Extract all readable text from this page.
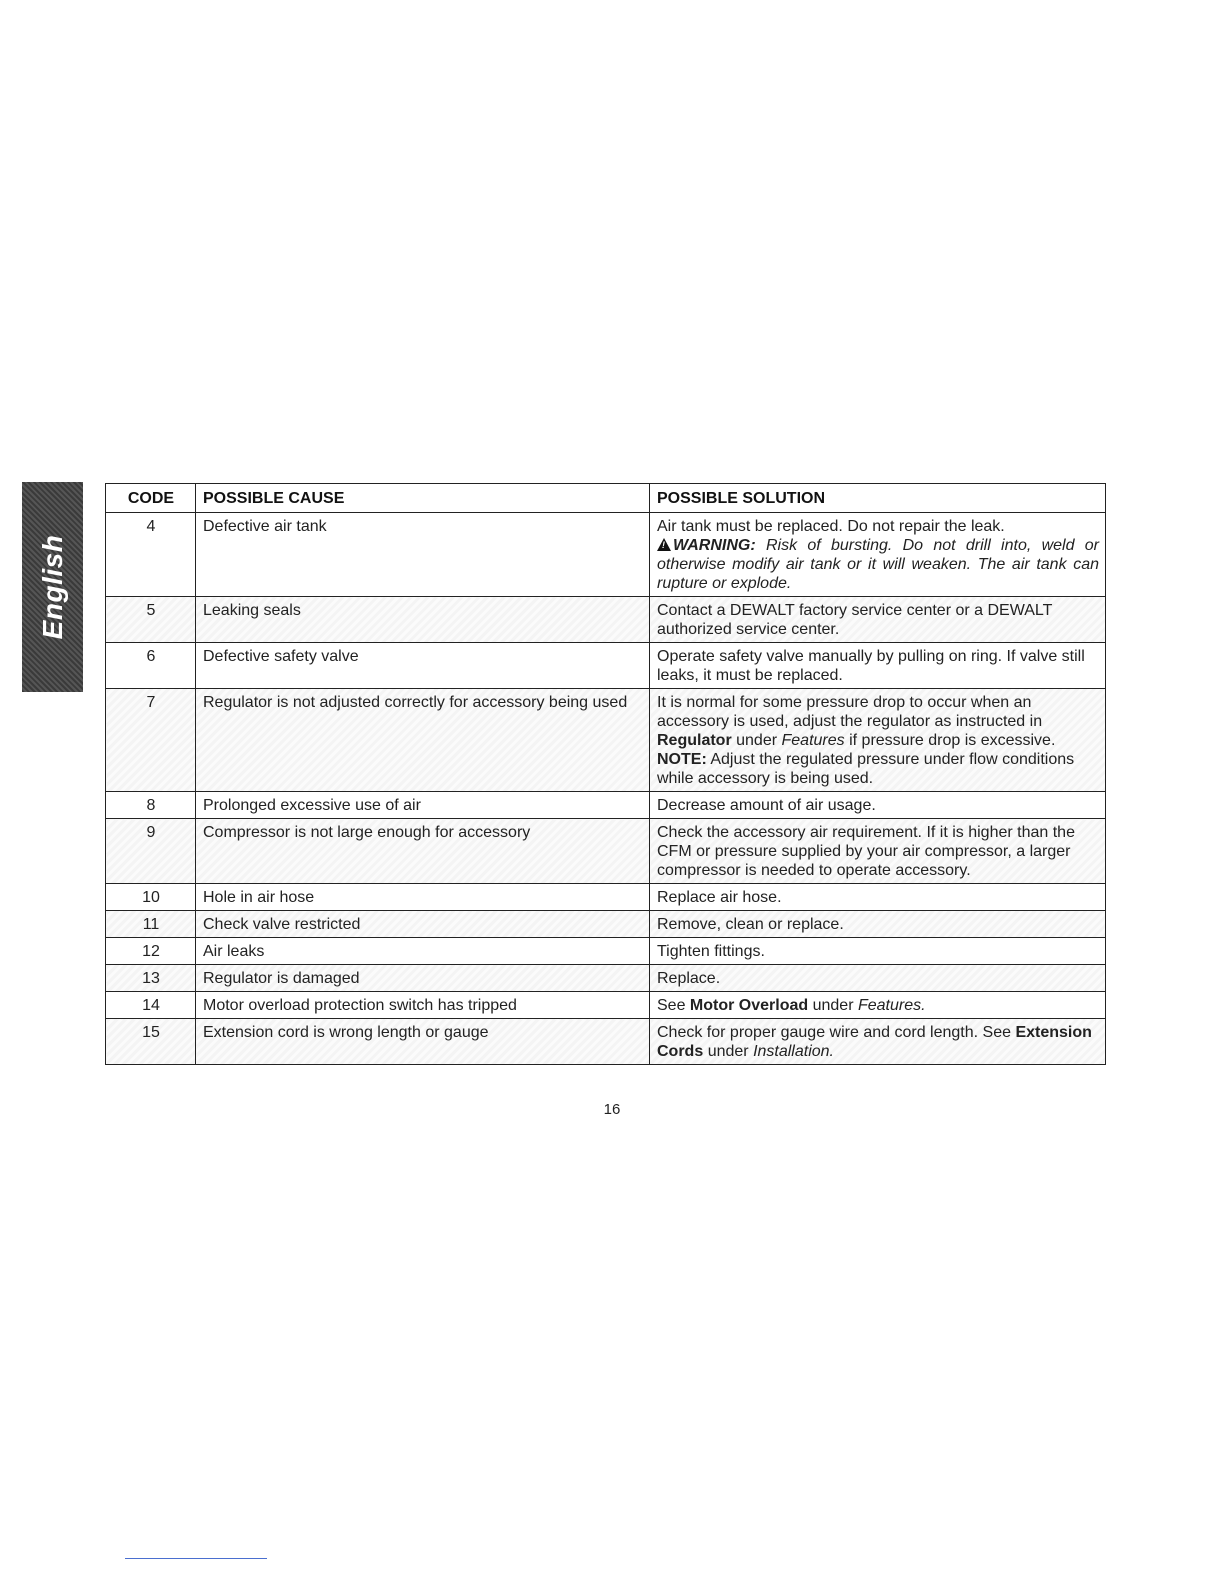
English
CODE	POSSIBLE CAUSE	POSSIBLE SOLUTION
4	Defective air tank	Air tank must be replaced. Do not repair the leak.
!WARNING: Risk of bursting. Do not drill into, weld or otherwise modify air tank or it will weaken. The air tank can rupture or explode.

5	Leaking seals	Contact a DEWALT factory service center or a DEWALT authorized service center.
6	Defective safety valve	Operate safety valve manually by pulling on ring. If valve still leaks, it must be replaced.
7	Regulator is not adjusted correctly for accessory being used	It is normal for some pressure drop to occur when an accessory is used, adjust the regulator as instructed in Regulator under Features if pressure drop is excessive.
NOTE: Adjust the regulated pressure under flow conditions while accessory is being used.

8	Prolonged excessive use of air	Decrease amount of air usage.
9	Compressor is not large enough for accessory	Check the accessory air requirement. If it is higher than the CFM or pressure supplied by your air compressor, a larger compressor is needed to operate accessory.
10	Hole in air hose	Replace air hose.
11	Check valve restricted	Remove, clean or replace.
12	Air leaks	Tighten fittings.
13	Regulator is damaged	Replace.
14	Motor overload protection switch has tripped	See Motor Overload under Features.
15	Extension cord is wrong length or gauge	Check for proper gauge wire and cord length. See Extension Cords under Installation.
16
